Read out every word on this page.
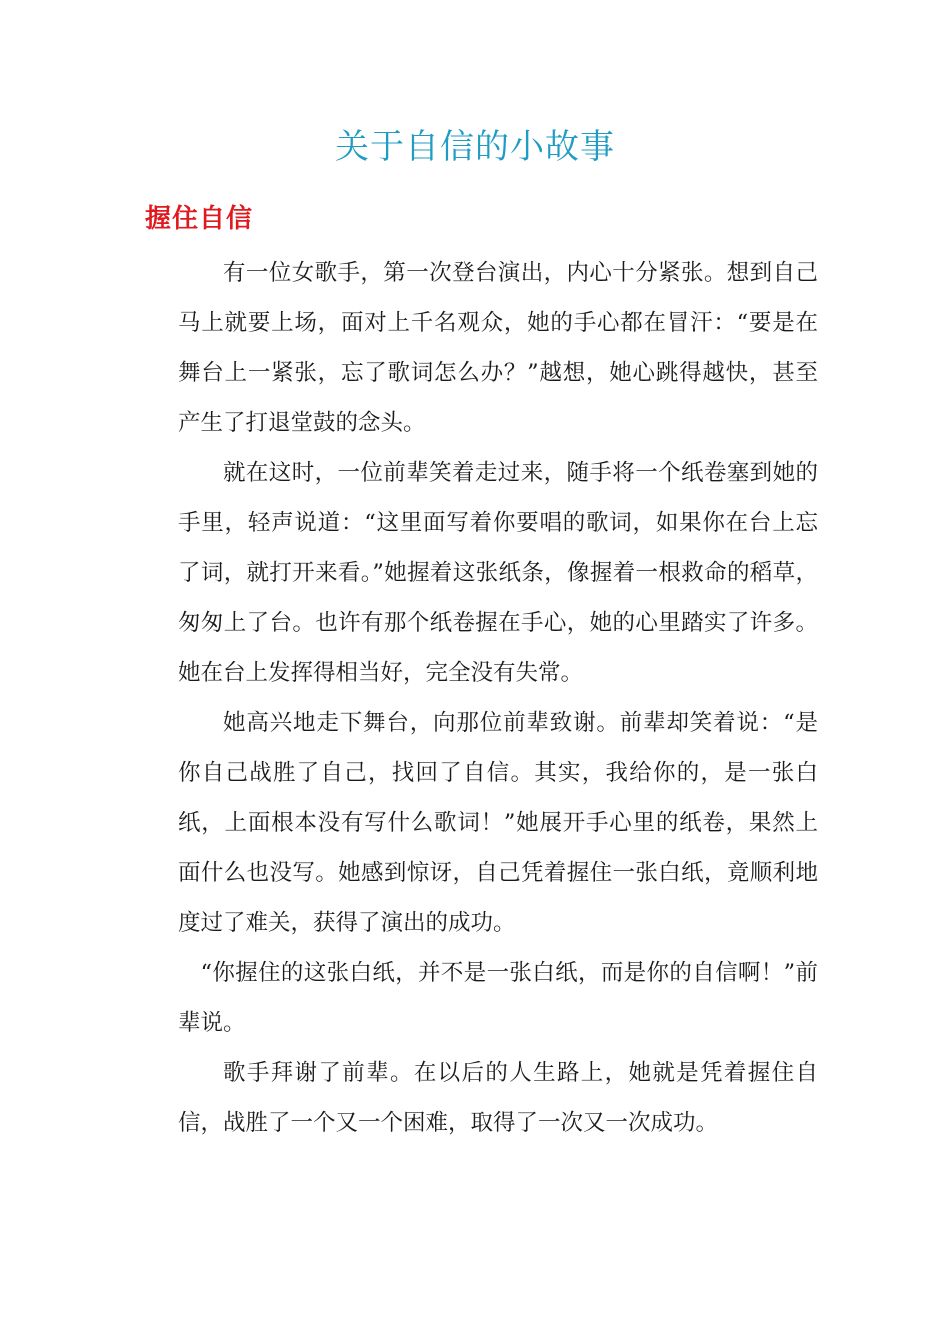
关于自信的小故事
握住自信

有一位女歌手，第一次登台演出，内心十分紧张。想到自己马上就要上场，面对上千名观众，她的手心都在冒汗：“要是在舞台上一紧张，忘了歌词怎么办？”越想，她心跳得越快，甚至产生了打退堂鼓的念头。

就在这时，一位前辈笑着走过来，随手将一个纸卷塞到她的手里，轻声说道：“这里面写着你要唱的歌词，如果你在台上忘了词，就打开来看。”她握着这张纸条，像握着一根救命的稻草，匆匆上了台。也许有那个纸卷握在手心，她的心里踏实了许多。她在台上发挥得相当好，完全没有失常。

她高兴地走下舞台，向那位前辈致谢。前辈却笑着说：“是你自己战胜了自己，找回了自信。其实，我给你的，是一张白纸，上面根本没有写什么歌词！”她展开手心里的纸卷，果然上面什么也没写。她感到惊讶，自己凭着握住一张白纸，竟顺利地度过了难关，获得了演出的成功。

“你握住的这张白纸，并不是一张白纸，而是你的自信啊！”前辈说。

歌手拜谢了前辈。在以后的人生路上，她就是凭着握住自信，战胜了一个又一个困难，取得了一次又一次成功。
